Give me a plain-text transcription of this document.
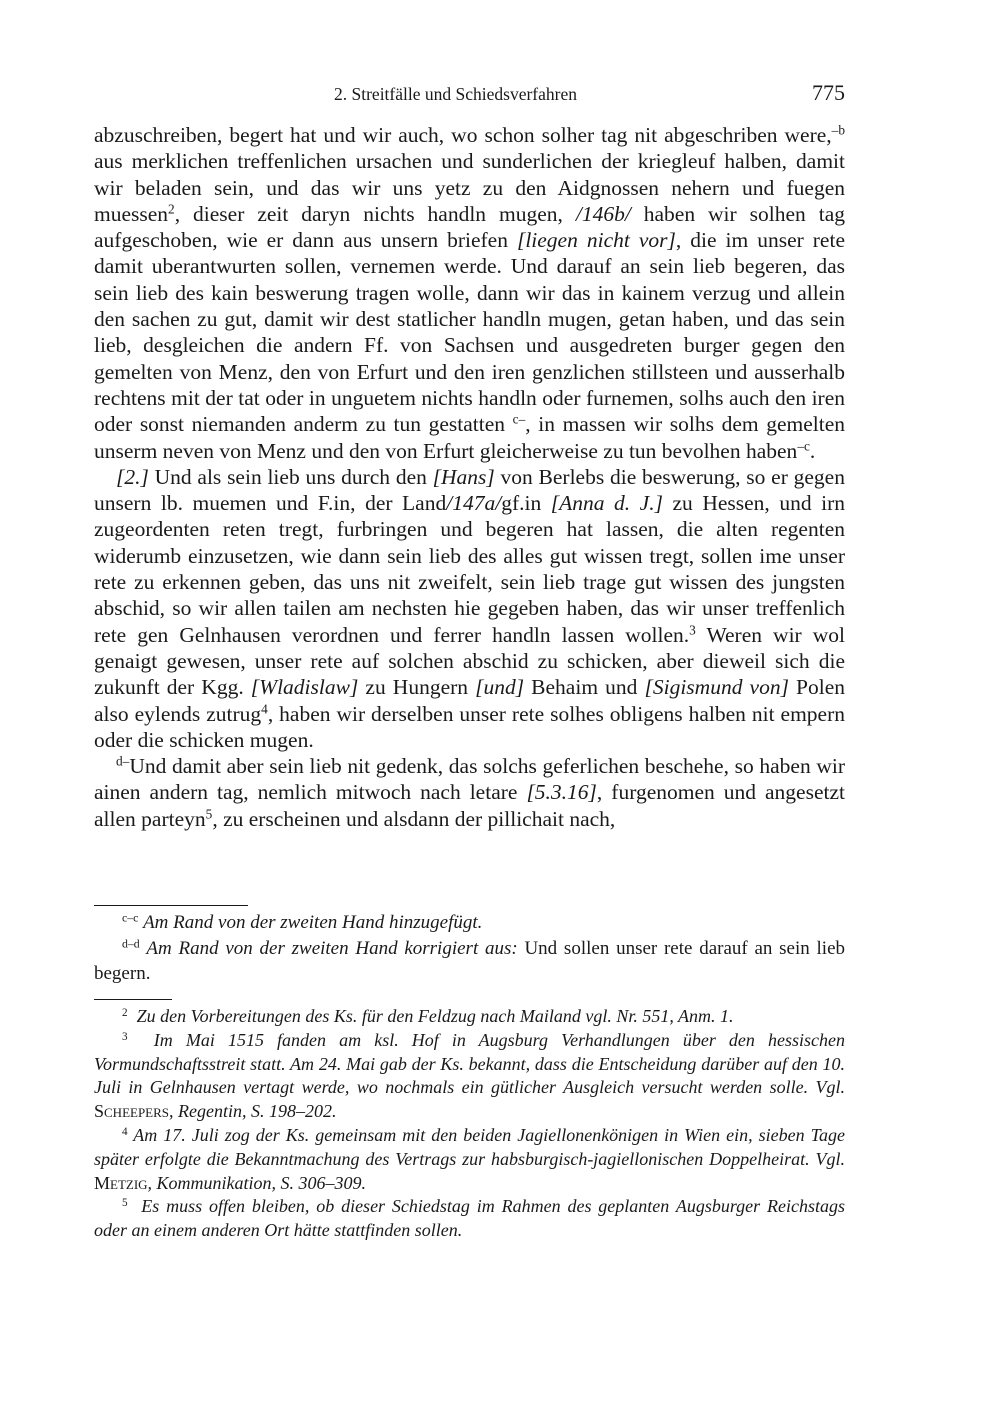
2. Streitfälle und Schiedsverfahren	775

abzuschreiben, begert hat und wir auch, wo schon solher tag nit abgeschriben were,$^{-b}$ aus merklichen treffenlichen ursachen und sunderlichen der kriegleuf halben, damit wir beladen sein, und das wir uns yetz zu den Aidgnossen nehern und fuegen muessen$^2$, dieser zeit daryn nichts handln mugen, /146b/ haben wir solhen tag aufgeschoben, wie er dann aus unsern briefen [liegen nicht vor], die im unser rete damit uberantwurten sollen, vernemen werde. Und darauf an sein lieb begeren, das sein lieb des kain beswerung tragen wolle, dann wir das in kainem verzug und allein den sachen zu gut, damit wir dest statlicher handln mugen, getan haben, und das sein lieb, desgleichen die andern Ff. von Sachsen und ausgedreten burger gegen den gemelten von Menz, den von Erfurt und den iren genzlichen stillsteen und ausserhalb rechtens mit der tat oder in unguetem nichts handln oder furnemen, solhs auch den iren oder sonst niemanden anderm zu tun gestatten $^{c-}$, in massen wir solhs dem gemelten unserm neven von Menz und den von Erfurt gleicherweise zu tun bevolhen haben$^{-c}$.

[2.] Und als sein lieb uns durch den [Hans] von Berlebs die beswerung, so er gegen unsern lb. muemen und F.in, der Land/147a/gf.in [Anna d. J.] zu Hessen, und irn zugeordenten reten tregt, furbringen und begeren hat lassen, die alten regenten widerumb einzusetzen, wie dann sein lieb des alles gut wissen tregt, sollen ime unser rete zu erkennen geben, das uns nit zweifelt, sein lieb trage gut wissen des jungsten abschid, so wir allen tailen am nechsten hie gegeben haben, das wir unser treffenlich rete gen Gelnhausen verordnen und ferrer handln lassen wollen.$^3$ Weren wir wol genaigt gewesen, unser rete auf solchen abschid zu schicken, aber dieweil sich die zukunft der Kgg. [Wladislaw] zu Hungern [und] Behaim und [Sigismund von] Polen also eylends zutrug$^4$, haben wir derselben unser rete solhes obligens halben nit empern oder die schicken mugen.

$^{d-}$Und damit aber sein lieb nit gedenk, das solchs geferlichen beschehe, so haben wir ainen andern tag, nemlich mitwoch nach letare [5.3.16], furgenomen und angesetzt allen parteyn$^5$, zu erscheinen und alsdann der pillichait nach,

$^{c-c}$ Am Rand von der zweiten Hand hinzugefügt.

$^{d-d}$ Am Rand von der zweiten Hand korrigiert aus: Und sollen unser rete darauf an sein lieb begern.

$^2$ Zu den Vorbereitungen des Ks. für den Feldzug nach Mailand vgl. Nr. 551, Anm. 1.

$^3$ Im Mai 1515 fanden am ksl. Hof in Augsburg Verhandlungen über den hessischen Vormundschaftsstreit statt. Am 24. Mai gab der Ks. bekannt, dass die Entscheidung darüber auf den 10. Juli in Gelnhausen vertagt werde, wo nochmals ein gütlicher Ausgleich versucht werden solle. Vgl. Scheepers, Regentin, S. 198–202.

$^4$ Am 17. Juli zog der Ks. gemeinsam mit den beiden Jagiellonenkönigen in Wien ein, sieben Tage später erfolgte die Bekanntmachung des Vertrags zur habsburgisch-jagiellonischen Doppelheirat. Vgl. Metzig, Kommunikation, S. 306–309.

$^5$ Es muss offen bleiben, ob dieser Schiedstag im Rahmen des geplanten Augsburger Reichstags oder an einem anderen Ort hätte stattfinden sollen.
